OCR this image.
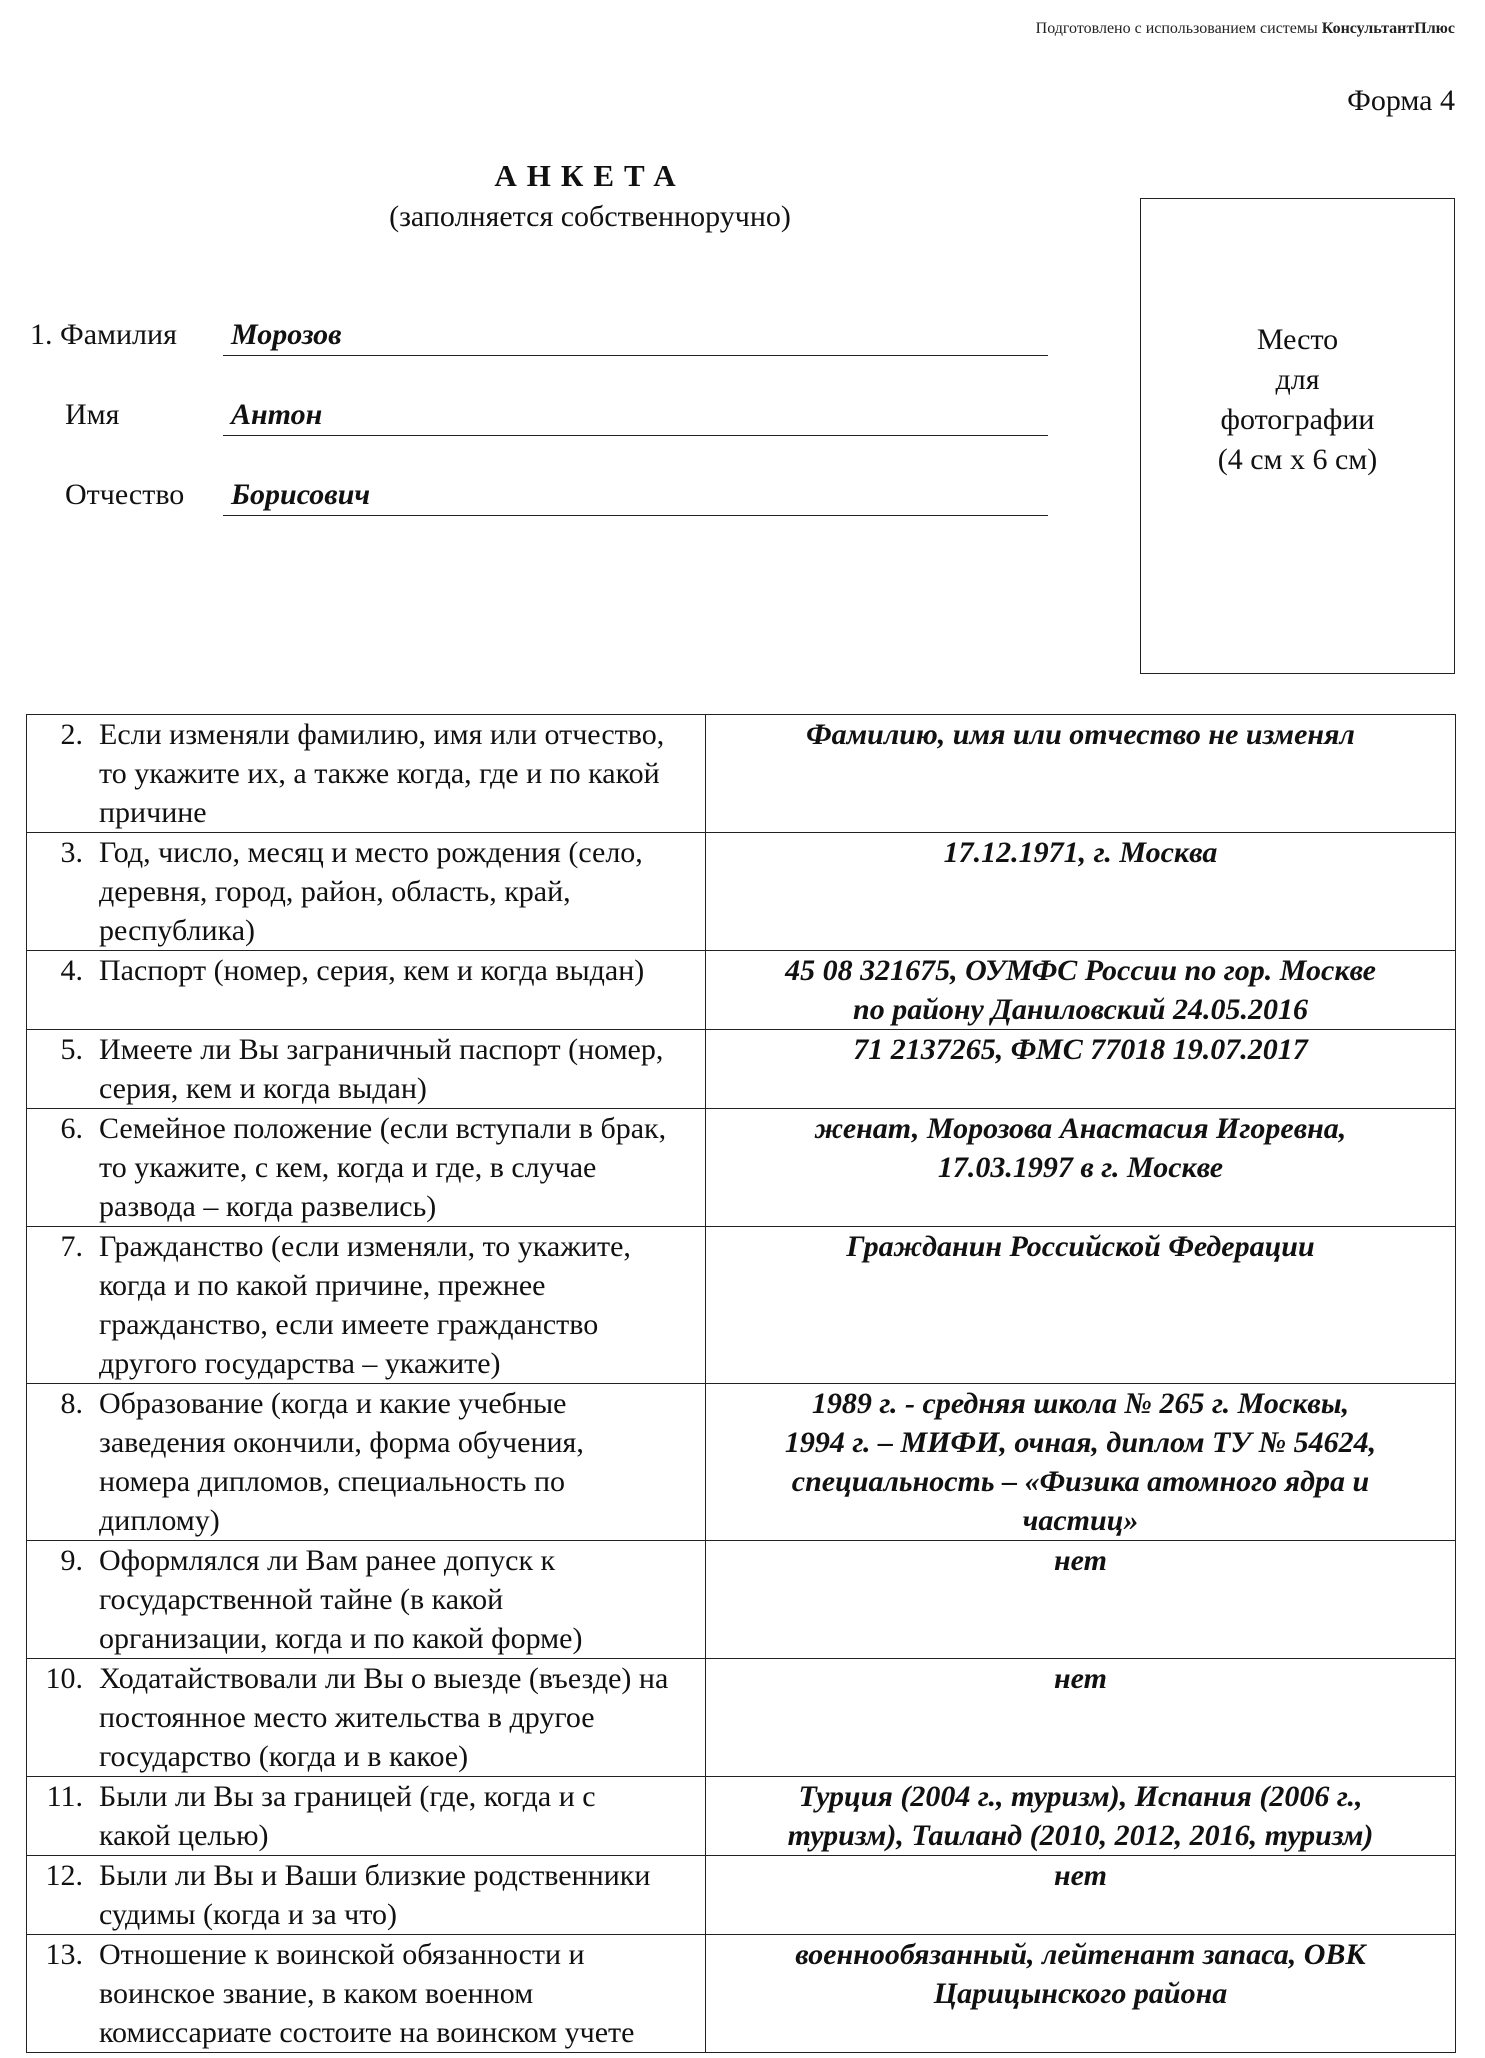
Подготовлено с использованием системы КонсультантПлюс
Форма 4
АНКЕТА
(заполняется собственноручно)
Место
для
фотографии
(4 см х 6 см)
1. Фамилия Морозов
Имя	Антон
Отчество Борисович
2.	Если изменяли фамилию, имя или отчество,
то укажите их, а также когда, где и по какой
причине	Фамилию, имя или отчество не изменял

3.	Год, число, месяц и место рождения (село,
деревня, город, район, область, край,
республика)	17.12.1971, г. Москва

4.	Паспорт (номер, серия, кем и когда выдан)	45 08 321675, ОУМФС России по гор. Москве
по району Даниловский 24.05.2016

5.	Имеете ли Вы заграничный паспорт (номер,
серия, кем и когда выдан)	71 2137265, ФМС 77018 19.07.2017

6.	Семейное положение (если вступали в брак,
то укажите, с кем, когда и где, в случае
развода – когда развелись)	женат, Морозова Анастасия Игоревна,
17.03.1997 в г. Москве

7.	Гражданство (если изменяли, то укажите,
когда и по какой причине, прежнее
гражданство, если имеете гражданство
другого государства – укажите)	Гражданин Российской Федерации

8.	Образование (когда и какие учебные
заведения окончили, форма обучения,
номера дипломов, специальность по
диплому)	1989 г. - средняя школа № 265 г. Москвы,
1994 г. – МИФИ, очная, диплом ТУ № 54624,
специальность – «Физика атомного ядра и
частиц»

9.	Оформлялся ли Вам ранее допуск к
государственной тайне (в какой
организации, когда и по какой форме)	нет

10.	Ходатайствовали ли Вы о выезде (въезде) на
постоянное место жительства в другое
государство (когда и в какое)	нет

11.	Были ли Вы за границей (где, когда и с
какой целью)	Турция (2004 г., туризм), Испания (2006 г.,
туризм), Таиланд (2010, 2012, 2016, туризм)

12.	Были ли Вы и Ваши близкие родственники
судимы (когда и за что)	нет

13.	Отношение к воинской обязанности и
воинское звание, в каком военном
комиссариате состоите на воинском учете	военнообязанный, лейтенант запаса, ОВК
Царицынского района
